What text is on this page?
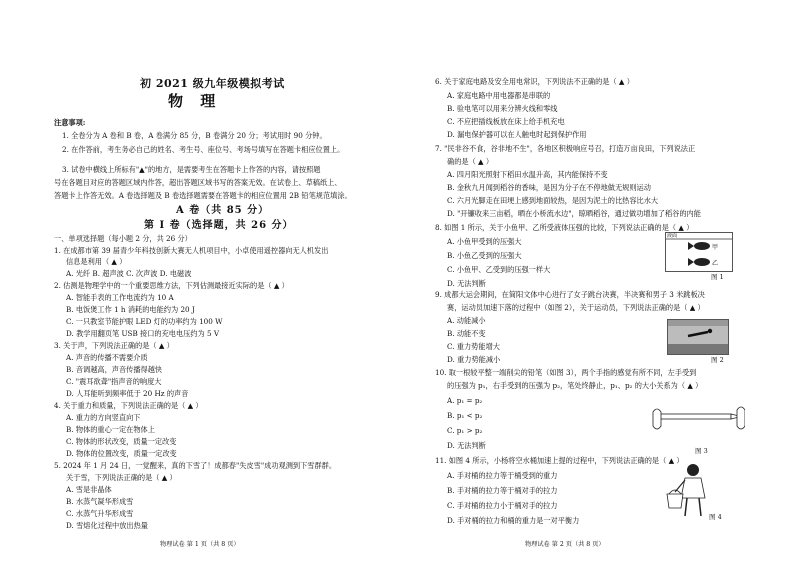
初 2021 级九年级模拟考试
物 理
注意事项:
1. 全卷分为 A 卷和 B 卷，A 卷满分 85 分，B 卷满分 20 分；考试用时 90 分钟。
2. 在作答前，考生务必自己的姓名、考生号、座位号、考场号填写在答题卡相应位置上。
3. 试卷中横线上所标有"▲"的地方，是需要考生在答题卡上作答的内容，请按照题
号在各题目对应的答题区域内作答，超出答题区域书写的答案无效。在试卷上、草稿纸上、
答题卡上作答无效。A 卷选择题及 B 卷选择题需要在答题卡的相应位置用 2B 铅笔规范填涂。
A 卷（共 85 分）
第 I 卷（选择题，共 26 分）
一、单项选择题（每小题 2 分，共 26 分）
1. 在成都市第 39 届青少年科技创新大赛无人机项目中，小卓使用遥控器向无人机发出
信息是利用（ ▲ ）
A. 光纤 B. 超声波 C. 次声波 D. 电磁波
2. 估测是物理学中的一个重要思维方法，下列估测最接近实际的是（ ▲ ）
A. 智能手表的工作电流约为 10 A
B. 电饭煲工作 1 h 消耗的电能约为 20 J
C. 一只教室节能护眼 LED 灯的功率约为 100 W
D. 教学用翻页笔 USB 接口的充电电压约为 5 V
3. 关于声，下列说法正确的是（ ▲ ）
A. 声音的传播不需要介质
B. 音调越高，声音传播得越快
C. "震耳欲聋"指声音的响度大
D. 人耳能听到频率低于 20 Hz 的声音
4. 关于重力和质量，下列说法正确的是（ ▲ ）
A. 重力的方向竖直向下
B. 物体的重心一定在物体上
C. 物体的形状改变，质量一定改变
D. 物体的位置改变，质量一定改变
5. 2024 年 1 月 24 日，一觉醒来，真的下雪了！成都春"失皮雪"成功观测到下雪群群。
关于雪，下列说法正确的是（ ▲ ）
A. 雪是非晶体
B. 水蒸气凝华形成雪
C. 水蒸气升华形成雪
D. 雪熔化过程中放出热量
物理试卷 第 1 页（共 8 页）
6. 关于家庭电路及安全用电常识，下列说法不正确的是（ ▲ ）
A. 家庭电路中用电器都是串联的
B. 验电笔可以用来分辨火线和零线
C. 不应把插线板放在床上给手机充电
D. 漏电保护器可以在人触电时起到保护作用
7. "民非谷不食，谷非地不生"，各地区积极响应号召，打造万亩良田，下列说法正
确的是（ ▲ ）
A. 四月阳光照射下稻田水温升高，其内能保持不变
B. 金秋九月闻到稻谷的香味，是因为分子在不停地做无规则运动
C. 六月光脚走在田埂上感到地面较热，是因为泥土的比热容比水大
D. "开镰收来三亩稻，晒在小桥流水边"，晾晒稻谷，通过做功增加了稻谷的内能
8. 如图 1 所示，关于小鱼甲、乙所受液体压强的比较，下列说法正确的是（ ▲ ）
A. 小鱼甲受到的压强大
B. 小鱼乙受到的压强大
C. 小鱼甲、乙受到的压强一样大
D. 无法判断
液面
甲
乙
图 1
9. 成都大运会期间，在简阳文体中心进行了女子跳台决赛，半决赛和男子 3 米跳板决
赛，运动员加速下落的过程中（如图 2），关于运动员，下列说法正确的是（ ▲ ）
A. 动能减小
B. 动能不变
C. 重力势能增大
D. 重力势能减小	图 2
10. 取一根较平整一端削尖的铅笔（如图 3），两个手指的感觉有所不同，左手受到
的压强为 p₁，右手受到的压强为 p₂，笔处终静止，p₁、p₂ 的大小关系为（ ▲ ）
A. p₁ = p₂
B. p₁ < p₂
C. p₁ > p₂
D. 无法判断
图 3
11. 如图 4 所示，小杨将空水桶加速上提的过程中，下列说法正确的是（ ▲ ）
A. 手对桶的拉力等于桶受到的重力
B. 手对桶的拉力等于桶对手的拉力
C. 手对桶的拉力小于桶对手的拉力
D. 手对桶的拉力和桶的重力是一对平衡力	图 4
物理试卷 第 2 页（共 8 页）
